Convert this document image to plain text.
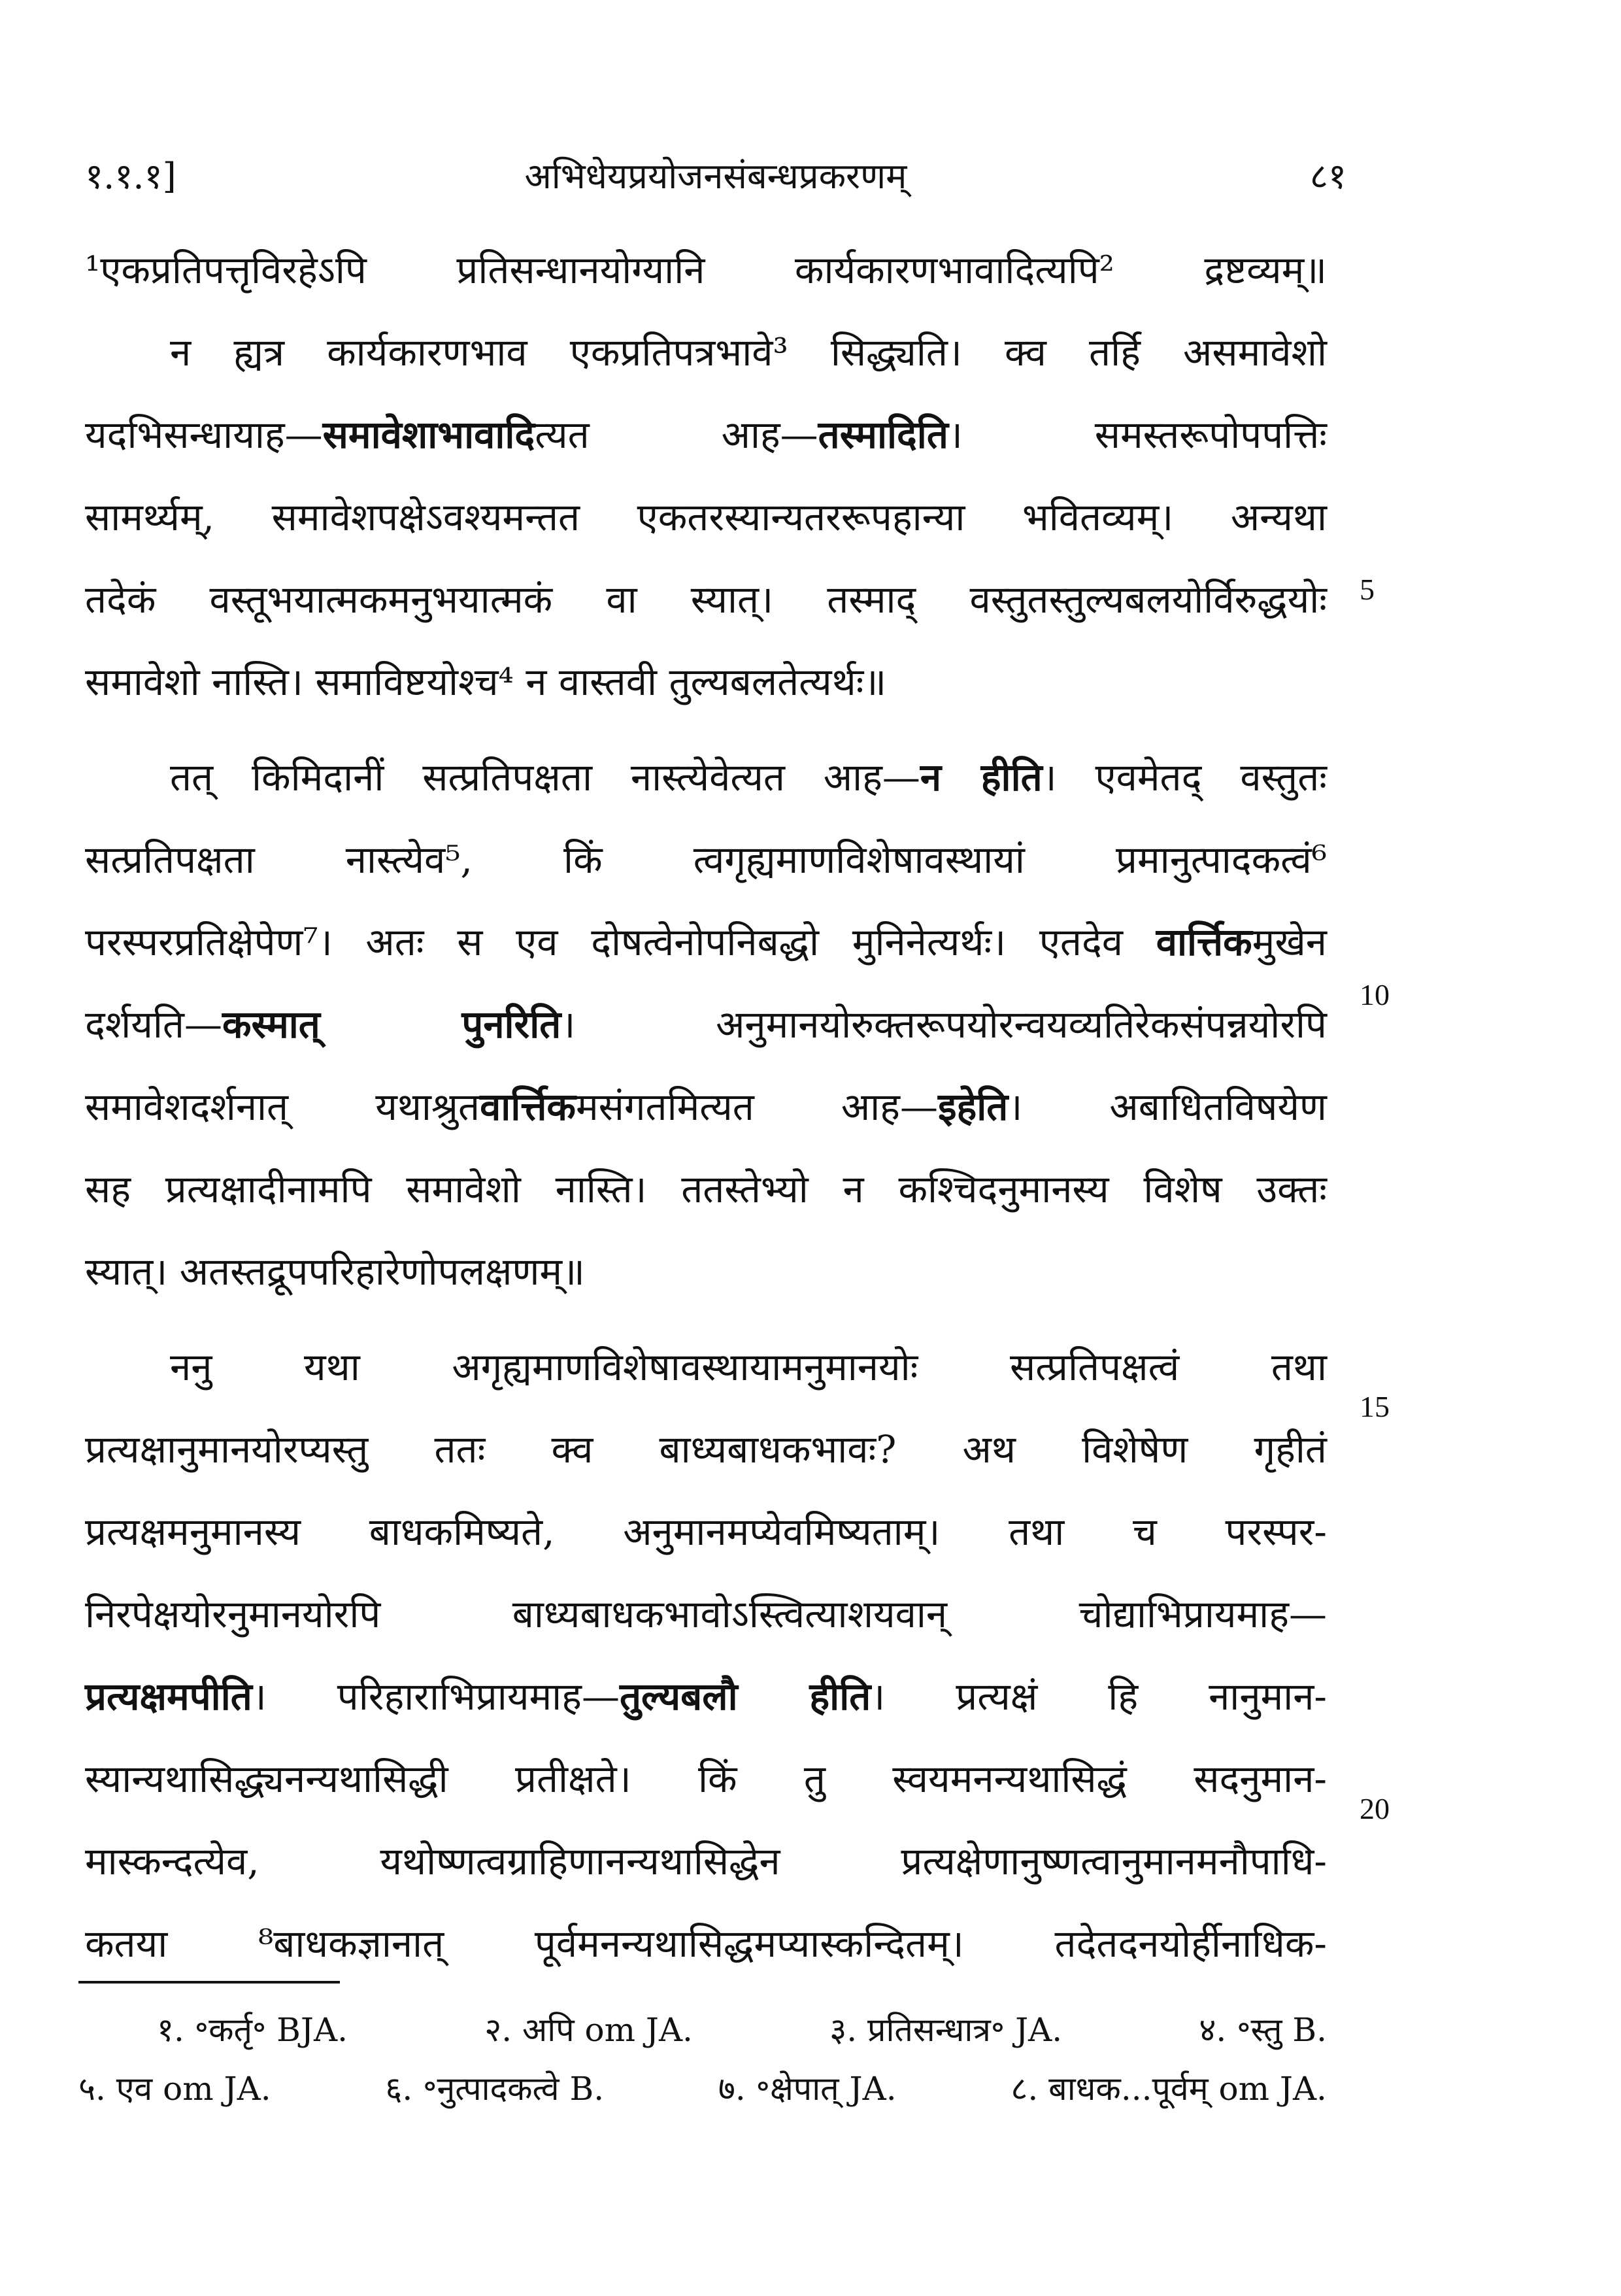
१.१.१]	अभिधेयप्रयोजनसंबन्धप्रकरणम्	८१
¹एकप्रतिपत्तृविरहेऽपि प्रतिसन्धानयोग्यानि कार्यकारणभावादित्यपि² द्रष्टव्यम्॥
न ह्यत्र कार्यकारणभाव एकप्रतिपत्रभावे³ सिद्ध्यति। क्व तर्हि असमावेशो
यदभिसन्धायाह—समावेशाभावादित्यत आह—तस्मादिति। समस्तरूपोपपत्तिः
सामर्थ्यम्, समावेशपक्षेऽवश्यमन्तत एकतरस्यान्यतररूपहान्या भवितव्यम्। अन्यथा
तदेकं वस्तूभयात्मकमनुभयात्मकं वा स्यात्। तस्माद् वस्तुतस्तुल्यबलयोर्विरुद्धयोः
समावेशो नास्ति। समाविष्टयोश्च⁴ न वास्तवी तुल्यबलतेत्यर्थः॥
तत् किमिदानीं सत्प्रतिपक्षता नास्त्येवेत्यत आह—न हीति। एवमेतद् वस्तुतः
सत्प्रतिपक्षता नास्त्येव⁵, किं त्वगृह्यमाणविशेषावस्थायां प्रमानुत्पादकत्वं⁶
परस्परप्रतिक्षेपेण⁷। अतः स एव दोषत्वेनोपनिबद्धो मुनिनेत्यर्थः। एतदेव वार्त्तिकमुखेन
दर्शयति—कस्मात् पुनरिति। अनुमानयोरुक्तरूपयोरन्वयव्यतिरेकसंपन्नयोरपि
समावेशदर्शनात् यथाश्रुतवार्त्तिकमसंगतमित्यत आह—इहेति। अबाधितविषयेण
सह प्रत्यक्षादीनामपि समावेशो नास्ति। ततस्तेभ्यो न कश्चिदनुमानस्य विशेष उक्तः
स्यात्। अतस्तद्रूपपरिहारेणोपलक्षणम्॥
ननु यथा अगृह्यमाणविशेषावस्थायामनुमानयोः सत्प्रतिपक्षत्वं तथा
प्रत्यक्षानुमानयोरप्यस्तु ततः क्व बाध्यबाधकभावः? अथ विशेषेण गृहीतं
प्रत्यक्षमनुमानस्य बाधकमिष्यते, अनुमानमप्येवमिष्यताम्। तथा च परस्पर-
निरपेक्षयोरनुमानयोरपि बाध्यबाधकभावोऽस्त्वित्याशयवान् चोद्याभिप्रायमाह—
प्रत्यक्षमपीति। परिहाराभिप्रायमाह—तुल्यबलौ हीति। प्रत्यक्षं हि नानुमान-
स्यान्यथासिद्ध्यनन्यथासिद्धी प्रतीक्षते। किं तु स्वयमनन्यथासिद्धं सदनुमान-
मास्कन्दत्येव, यथोष्णत्वग्राहिणानन्यथासिद्धेन प्रत्यक्षेणानुष्णत्वानुमानमनौपाधि-
कतया ⁸बाधकज्ञानात् पूर्वमनन्यथासिद्धमप्यास्कन्दितम्। तदेतदनयोर्हीनाधिक-
5
10
15
20
१. ॰कर्तृ॰ BJA.	२. अपि om JA.	३. प्रतिसन्धात्र॰ JA.	४. ॰स्तु B.
५. एव om JA.	६. ॰नुत्पादकत्वे B.	७. ॰क्षेपात् JA.	८. बाधक...पूर्वम् om JA.
